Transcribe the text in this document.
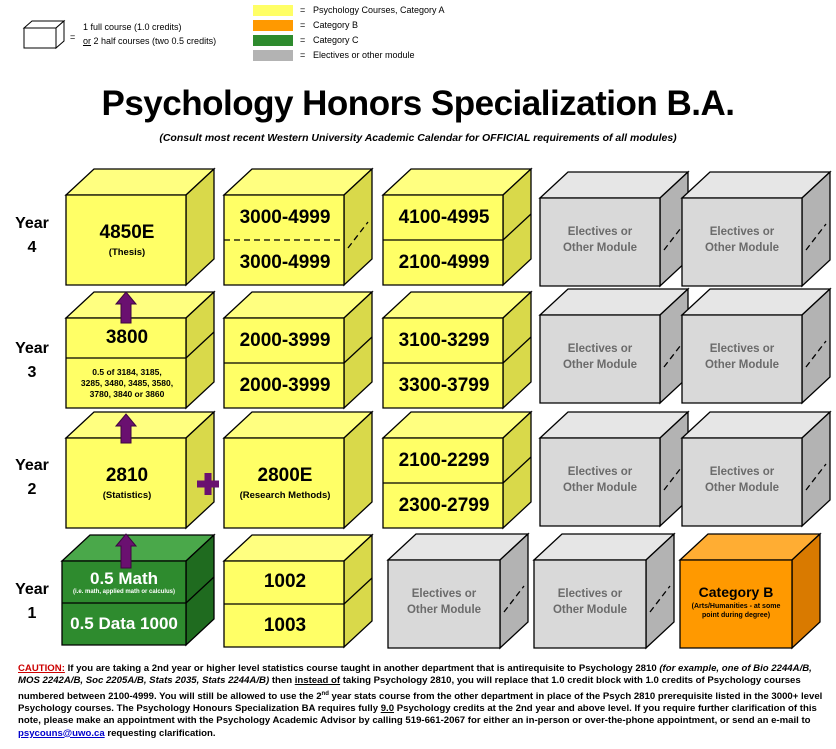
=
1 full course (1.0 credits)
or 2 half courses (two 0.5 credits)
= Psychology Courses, Category A
= Category B
= Category C
= Electives or other module
Psychology Honors Specialization B.A.
(Consult most recent Western University Academic Calendar for OFFICIAL requirements of all modules)
Year
4
Year
3
Year
2
Year
1
4850E
(Thesis)
3000-4999
3000-4999
4100-4995
2100-4999
Electives or
Other Module
Electives or
Other Module
3800
0.5 of 3184, 3185,
3285, 3480, 3485, 3580,
3780, 3840 or 3860
2000-3999
2000-3999
3100-3299
3300-3799
Electives or
Other Module
Electives or
Other Module
2810
(Statistics)
2800E
(Research Methods)
2100-2299
2300-2799
Electives or
Other Module
Electives or
Other Module
0.5 Math
(i.e. math, applied math or calculus)
0.5 Data 1000
1002
1003
Electives or
Other Module
Electives or
Other Module
Category B
(Arts/Humanities - at some
point during degree)
CAUTION: If you are taking a 2nd year or higher level statistics course taught in another department that is antirequisite to Psychology 2810 (for example, one of Bio 2244A/B, MOS 2242A/B, Soc 2205A/B, Stats 2035, Stats 2244A/B) then instead of taking Psychology 2810, you will replace that 1.0 credit block with 1.0 credits of Psychology courses numbered between 2100-4999. You will still be allowed to use the 2nd year stats course from the other department in place of the Psych 2810 prerequisite listed in the 3000+ level Psychology courses. The Psychology Honours Specialization BA requires fully 9.0 Psychology credits at the 2nd year and above level. If you require further clarification of this note, please make an appointment with the Psychology Academic Advisor by calling 519-661-2067 for either an in-person or over-the-phone appointment, or send an e-mail to psycouns@uwo.ca requesting clarification.
